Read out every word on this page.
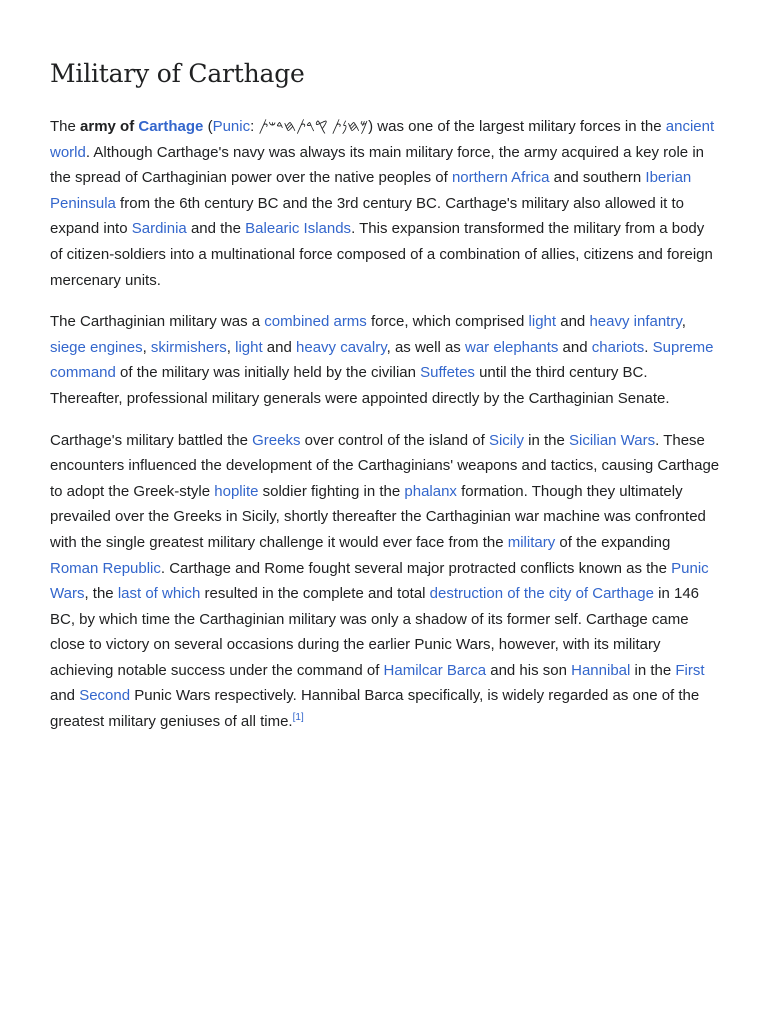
Military of Carthage

The army of Carthage (Punic: 𐤌𐤇𐤍𐤕 𐤒𐤓𐤕𐤇𐤃𐤔𐤕) was one of the largest military forces in the ancient world. Although Carthage's navy was always its main military force, the army acquired a key role in the spread of Carthaginian power over the native peoples of northern Africa and southern Iberian Peninsula from the 6th century BC and the 3rd century BC. Carthage's military also allowed it to expand into Sardinia and the Balearic Islands. This expansion transformed the military from a body of citizen-soldiers into a multinational force composed of a combination of allies, citizens and foreign mercenary units.

The Carthaginian military was a combined arms force, which comprised light and heavy infantry, siege engines, skirmishers, light and heavy cavalry, as well as war elephants and chariots. Supreme command of the military was initially held by the civilian Suffetes until the third century BC. Thereafter, professional military generals were appointed directly by the Carthaginian Senate.

Carthage's military battled the Greeks over control of the island of Sicily in the Sicilian Wars. These encounters influenced the development of the Carthaginians' weapons and tactics, causing Carthage to adopt the Greek-style hoplite soldier fighting in the phalanx formation. Though they ultimately prevailed over the Greeks in Sicily, shortly thereafter the Carthaginian war machine was confronted with the single greatest military challenge it would ever face from the military of the expanding Roman Republic. Carthage and Rome fought several major protracted conflicts known as the Punic Wars, the last of which resulted in the complete and total destruction of the city of Carthage in 146 BC, by which time the Carthaginian military was only a shadow of its former self. Carthage came close to victory on several occasions during the earlier Punic Wars, however, with its military achieving notable success under the command of Hamilcar Barca and his son Hannibal in the First and Second Punic Wars respectively. Hannibal Barca specifically, is widely regarded as one of the greatest military geniuses of all time.[1]
